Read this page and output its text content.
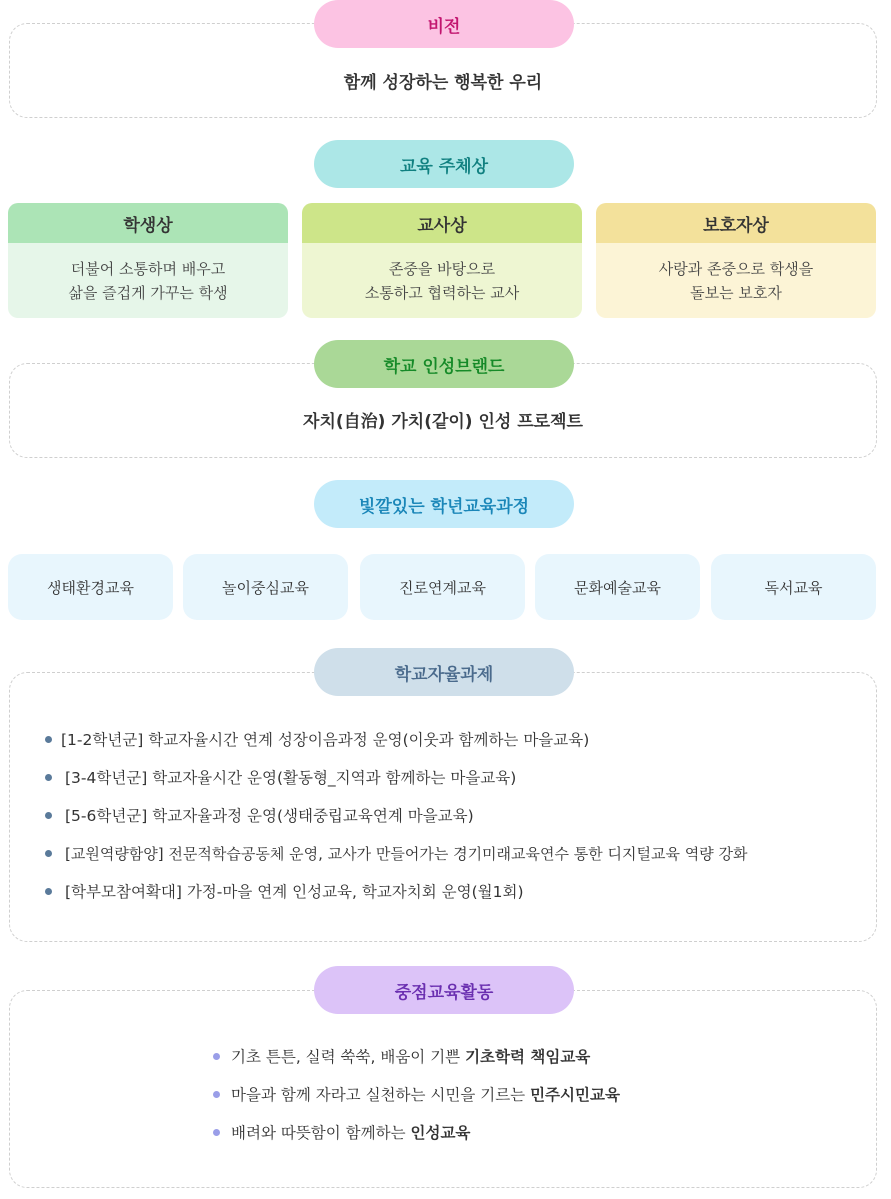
함께 성장하는 행복한 우리
비전
교육 주체상
학생상
더불어 소통하며 배우고
삶을 즐겁게 가꾸는 학생
교사상
존중을 바탕으로
소통하고 협력하는 교사
보호자상
사랑과 존중으로 학생을
돌보는 보호자
자치(自治) 가치(같이) 인성 프로젝트
학교 인성브랜드
빛깔있는 학년교육과정
생태환경교육	놀이중심교육	진로연계교육	문화예술교육	독서교육
학교자율과제
[1-2학년군] 학교자율시간 연계 성장이음과정 운영(이웃과 함께하는 마을교육)
[3-4학년군] 학교자율시간 운영(활동형_지역과 함께하는 마을교육)
[5-6학년군] 학교자율과정 운영(생태중립교육연계 마을교육)
[교원역량함양] 전문적학습공동체 운영, 교사가 만들어가는 경기미래교육연수 통한 디지털교육 역량 강화
[학부모참여확대] 가정-마을 연계 인성교육, 학교자치회 운영(월1회)
중점교육활동
기초 튼튼, 실력 쑥쑥, 배움이 기쁜 기초학력 책임교육
마을과 함께 자라고 실천하는 시민을 기르는 민주시민교육
배려와 따뜻함이 함께하는 인성교육
